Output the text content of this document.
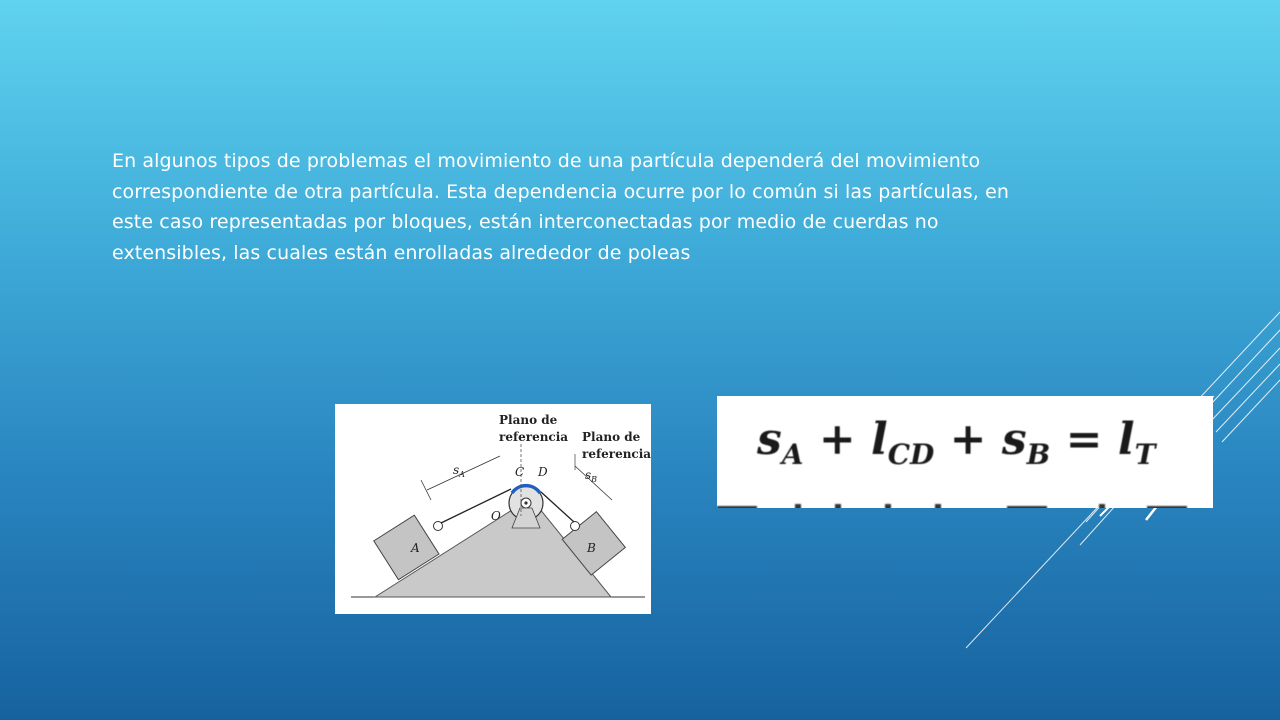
En algunos tipos de problemas el movimiento de una partícula dependerá del movimiento correspondiente de otra partícula. Esta dependencia ocurre por lo común si las partículas, en este caso representadas por bloques, están interconectadas por medio de cuerdas no extensibles, las cuales están enrolladas alrededor de poleas

Plano de
referencia Plano de
referencia
$s_A$	$s_B$
C D
O
A	B
$s_A + l_{CD} + s_B = l_T$
